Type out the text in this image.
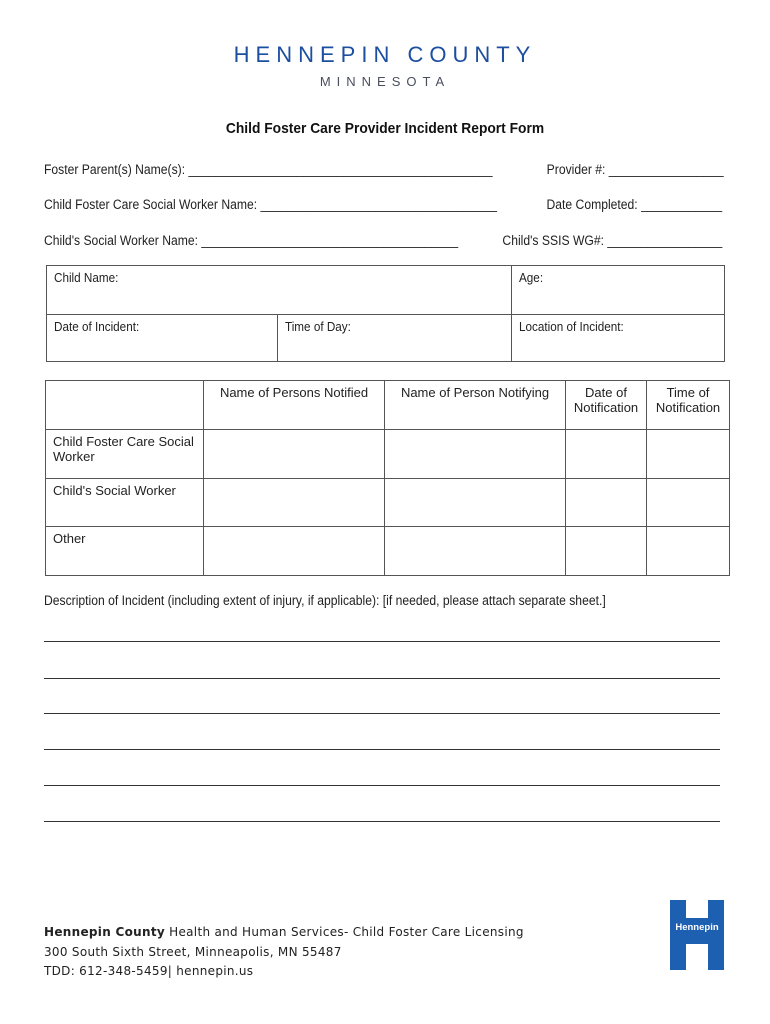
HENNEPIN COUNTY
MINNESOTA
Child Foster Care Provider Incident Report Form
Foster Parent(s) Name(s): _____________________________________________	Provider #: _________________
Child Foster Care Social Worker Name: ___________________________________	Date Completed: ____________
Child's Social Worker Name: ______________________________________	Child's SSIS WG#: _________________
Child Name:		Age:
Date of Incident:	Time of Day:	Location of Incident:
	Name of Persons Notified	Name of Person Notifying	Date of Notification	Time of Notification
Child Foster Care Social Worker				
Child's Social Worker				
Other				
Description of Incident (including extent of injury, if applicable): [if needed, please attach separate sheet.]
Hennepin County Health and Human Services- Child Foster Care Licensing
300 South Sixth Street, Minneapolis, MN 55487
TDD: 612-348-5459| hennepin.us
Hennepin
